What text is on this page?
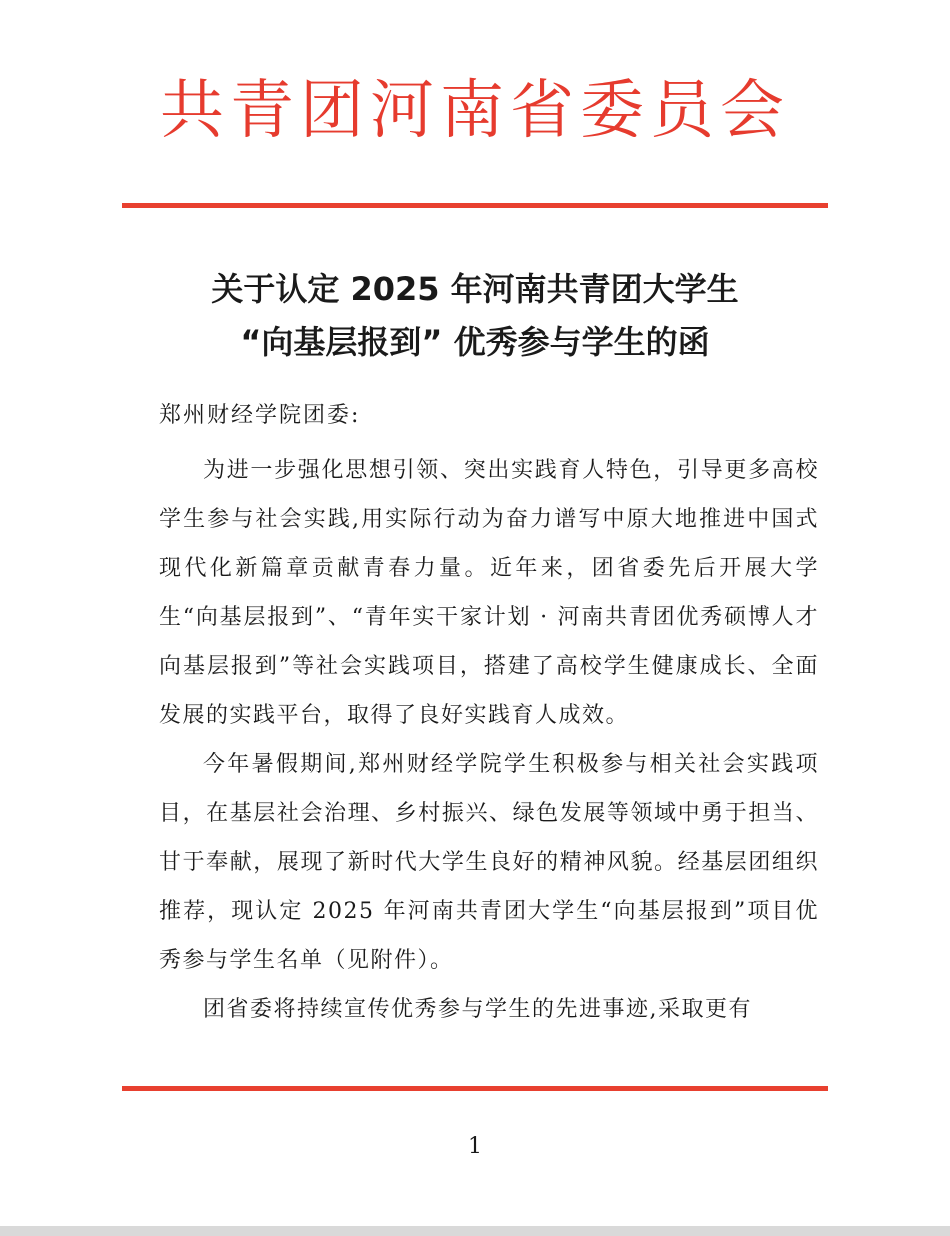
共青团河南省委员会
关于认定 2025 年河南共青团大学生
“向基层报到” 优秀参与学生的函
郑州财经学院团委:

为进一步强化思想引领、突出实践育人特色，引导更多高校学生参与社会实践,用实际行动为奋力谱写中原大地推进中国式现代化新篇章贡献青春力量。近年来，团省委先后开展大学生“向基层报到”、“青年实干家计划 · 河南共青团优秀硕博人才向基层报到”等社会实践项目，搭建了高校学生健康成长、全面发展的实践平台，取得了良好实践育人成效。

今年暑假期间,郑州财经学院学生积极参与相关社会实践项目，在基层社会治理、乡村振兴、绿色发展等领域中勇于担当、甘于奉献，展现了新时代大学生良好的精神风貌。经基层团组织推荐，现认定 2025 年河南共青团大学生“向基层报到”项目优秀参与学生名单（见附件）。

团省委将持续宣传优秀参与学生的先进事迹,采取更有

1
